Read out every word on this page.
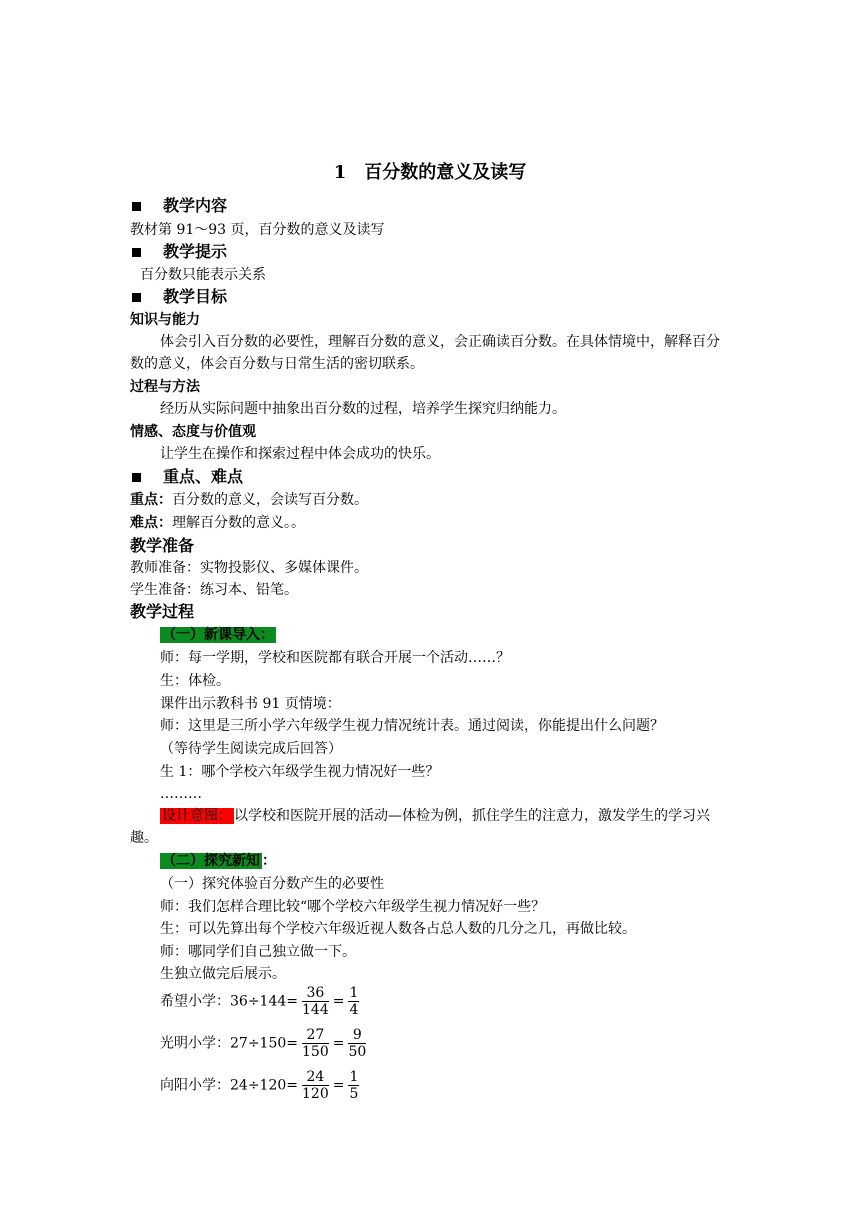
1 百分数的意义及读写
教学内容
教材第 91～93 页，百分数的意义及读写
教学提示
百分数只能表示关系
教学目标
知识与能力
体会引入百分数的必要性，理解百分数的意义，会正确读百分数。在具体情境中，解释百分数的意义，体会百分数与日常生活的密切联系。
过程与方法
经历从实际问题中抽象出百分数的过程，培养学生探究归纳能力。
情感、态度与价值观
让学生在操作和探索过程中体会成功的快乐。
重点、难点
重点：百分数的意义，会读写百分数。
难点：理解百分数的意义。。
教学准备
教师准备：实物投影仪、多媒体课件。
学生准备：练习本、铅笔。
教学过程
（一）新课导入：
师：每一学期，学校和医院都有联合开展一个活动……？
生：体检。
课件出示教科书 91 页情境：
师：这里是三所小学六年级学生视力情况统计表。通过阅读，你能提出什么问题？
（等待学生阅读完成后回答）
生 1：哪个学校六年级学生视力情况好一些？
………
设计意图： 以学校和医院开展的活动—体检为例，抓住学生的注意力，激发学生的学习兴趣。
（二）探究新知 ：
（一）探究体验百分数产生的必要性
师：我们怎样合理比较“哪个学校六年级学生视力情况好一些？
生：可以先算出每个学校六年级近视人数各占总人数的几分之几，再做比较。
师：哪同学们自己独立做一下。
生独立做完后展示。
希望小学：$36\div 144= \frac{36}{144} = \frac{1}{4}$
光明小学：$27\div 150= \frac{27}{150} = \frac{9}{50}$
向阳小学：$24\div 120= \frac{24}{120} = \frac{1}{5}$
